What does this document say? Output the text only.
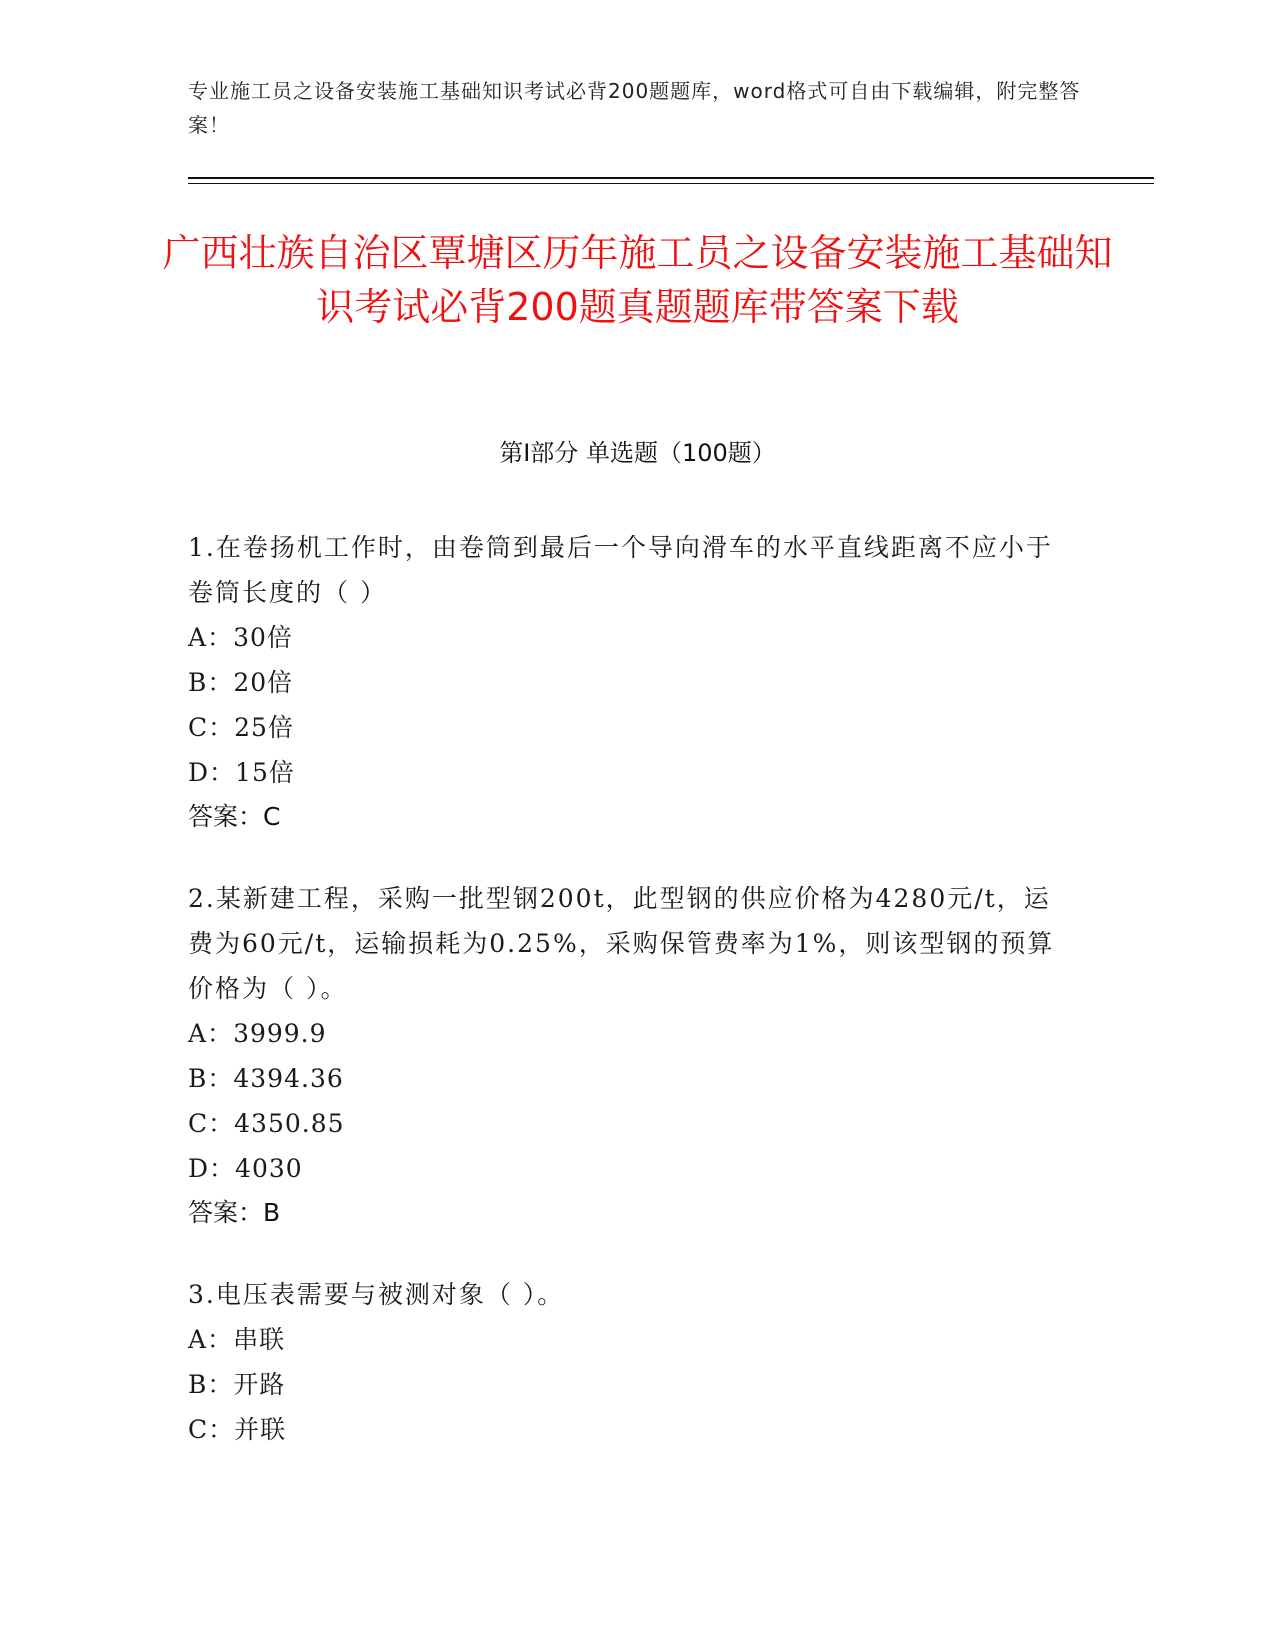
专业施工员之设备安装施工基础知识考试必背200题题库，word格式可自由下载编辑，附完整答案！
广西壮族自治区覃塘区历年施工员之设备安装施工基础知识考试必背200题真题题库带答案下载
第I部分 单选题（100题）
1.在卷扬机工作时，由卷筒到最后一个导向滑车的水平直线距离不应小于卷筒长度的（ ）
A： 30倍
B： 20倍
C： 25倍
D： 15倍
答案：C
2.某新建工程，采购一批型钢200t，此型钢的供应价格为4280元/t，运费为60元/t，运输损耗为0.25%，采购保管费率为1%，则该型钢的预算价格为（ ）。
A： 3999.9
B： 4394.36
C： 4350.85
D： 4030
答案：B
3.电压表需要与被测对象（ ）。
A： 串联
B： 开路
C： 并联
